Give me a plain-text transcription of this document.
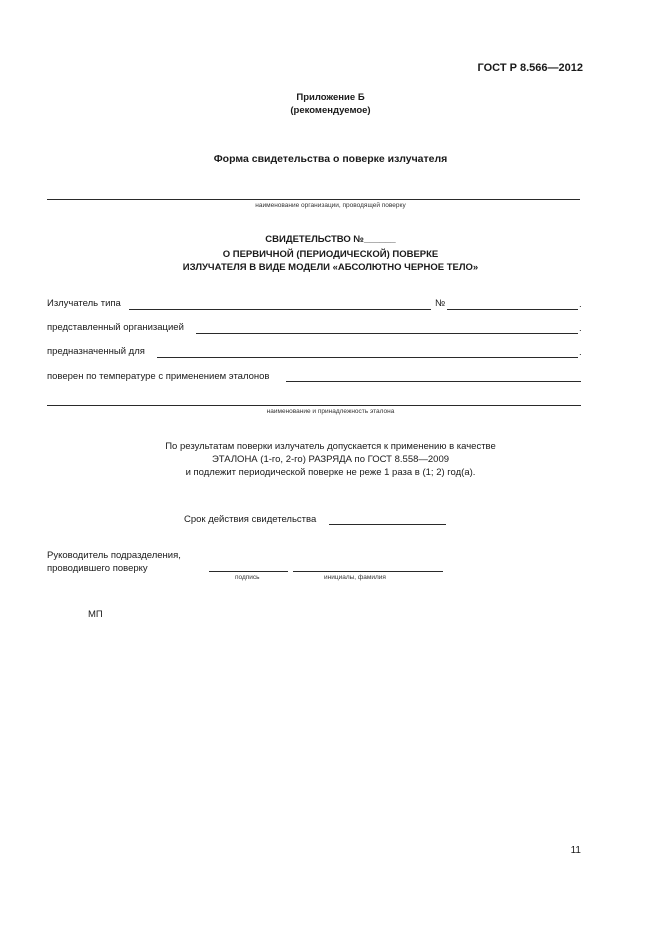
ГОСТ Р 8.566—2012
Приложение Б
(рекомендуемое)
Форма свидетельства о поверке излучателя
наименование организации, проводящей поверку
СВИДЕТЕЛЬСТВО №______
О ПЕРВИЧНОЙ (ПЕРИОДИЧЕСКОЙ) ПОВЕРКЕ
ИЗЛУЧАТЕЛЯ В ВИДЕ МОДЕЛИ «АБСОЛЮТНО ЧЕРНОЕ ТЕЛО»
Излучатель типа	№	.
представленный организацией	.
предназначенный для	.
поверен по температуре с применением эталонов
наименование и принадлежность эталона
По результатам поверки излучатель допускается к применению в качестве
ЭТАЛОНА (1-го, 2-го) РАЗРЯДА по ГОСТ 8.558—2009
и подлежит периодической поверке не реже 1 раза в (1; 2) год(а).
Срок действия свидетельства
Руководитель подразделения,
проводившего поверку
подпись	инициалы, фамилия
МП
11
